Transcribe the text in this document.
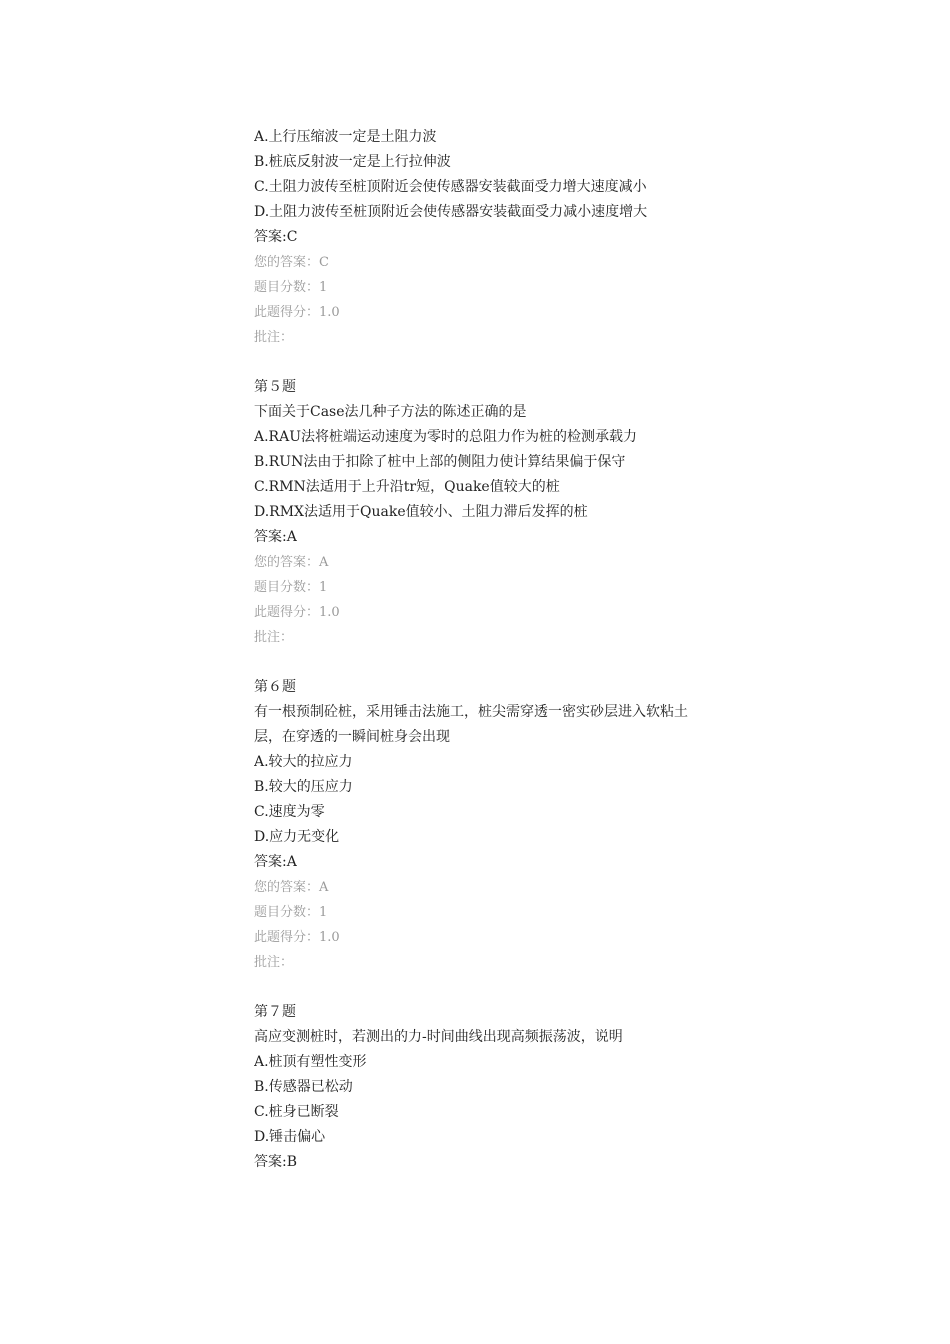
A.上行压缩波一定是土阻力波
B.桩底反射波一定是上行拉伸波
C.土阻力波传至桩顶附近会使传感器安装截面受力增大速度减小
D.土阻力波传至桩顶附近会使传感器安装截面受力减小速度增大
答案:C
您的答案：C
题目分数：1
此题得分：1.0
批注：
第５题
下面关于Case法几种子方法的陈述正确的是
A.RAU法将桩端运动速度为零时的总阻力作为桩的检测承载力
B.RUN法由于扣除了桩中上部的侧阻力使计算结果偏于保守
C.RMN法适用于上升沿tr短，Quake值较大的桩
D.RMX法适用于Quake值较小、土阻力滞后发挥的桩
答案:A
您的答案：A
题目分数：1
此题得分：1.0
批注：
第６题
有一根预制砼桩，采用锤击法施工，桩尖需穿透一密实砂层进入软粘土层，在穿透的一瞬间桩身会出现
A.较大的拉应力
B.较大的压应力
C.速度为零
D.应力无变化
答案:A
您的答案：A
题目分数：1
此题得分：1.0
批注：
第７题
高应变测桩时，若测出的力-时间曲线出现高频振荡波，说明
A.桩顶有塑性变形
B.传感器已松动
C.桩身已断裂
D.锤击偏心
答案:B
